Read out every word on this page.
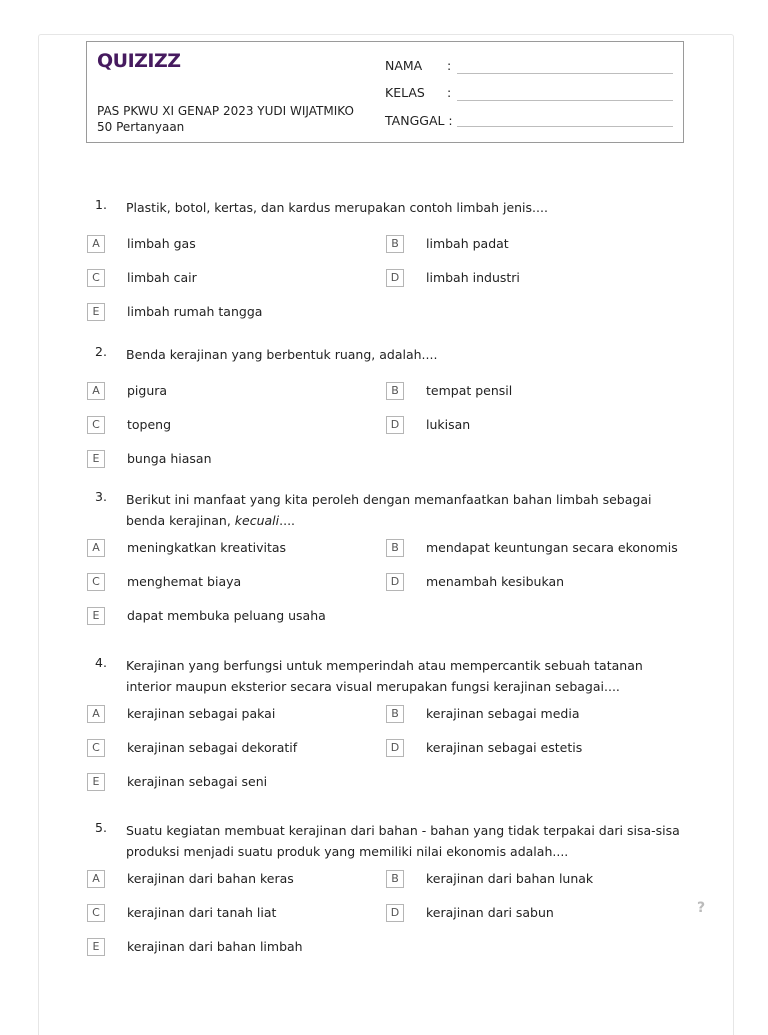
QUIZIZZ
PAS PKWU XI GENAP 2023 YUDI WIJATMIKO
50 Pertanyaan
NAMA :
KELAS :
TANGGAL :
1. Plastik, botol, kertas, dan kardus merupakan contoh limbah jenis....
A	limbah gas	B	limbah padat
C	limbah cair	D	limbah industri
E	limbah rumah tangga
2. Benda kerajinan yang berbentuk ruang, adalah....
A	pigura	B	tempat pensil
C	topeng	D	lukisan
E	bunga hiasan
3. Berikut ini manfaat yang kita peroleh dengan memanfaatkan bahan limbah sebagai benda kerajinan, kecuali....
A	meningkatkan kreativitas	B	mendapat keuntungan secara ekonomis
C	menghemat biaya	D	menambah kesibukan
E	dapat membuka peluang usaha
4. Kerajinan yang berfungsi untuk memperindah atau mempercantik sebuah tatanan interior maupun eksterior secara visual merupakan fungsi kerajinan sebagai....
A	kerajinan sebagai pakai	B	kerajinan sebagai media
C	kerajinan sebagai dekoratif	D	kerajinan sebagai estetis
E	kerajinan sebagai seni
5. Suatu kegiatan membuat kerajinan dari bahan - bahan yang tidak terpakai dari sisa-sisa produksi menjadi suatu produk yang memiliki nilai ekonomis adalah....
A	kerajinan dari bahan keras	B	kerajinan dari bahan lunak
C	kerajinan dari tanah liat	D	kerajinan dari sabun
E	kerajinan dari bahan limbah
?
